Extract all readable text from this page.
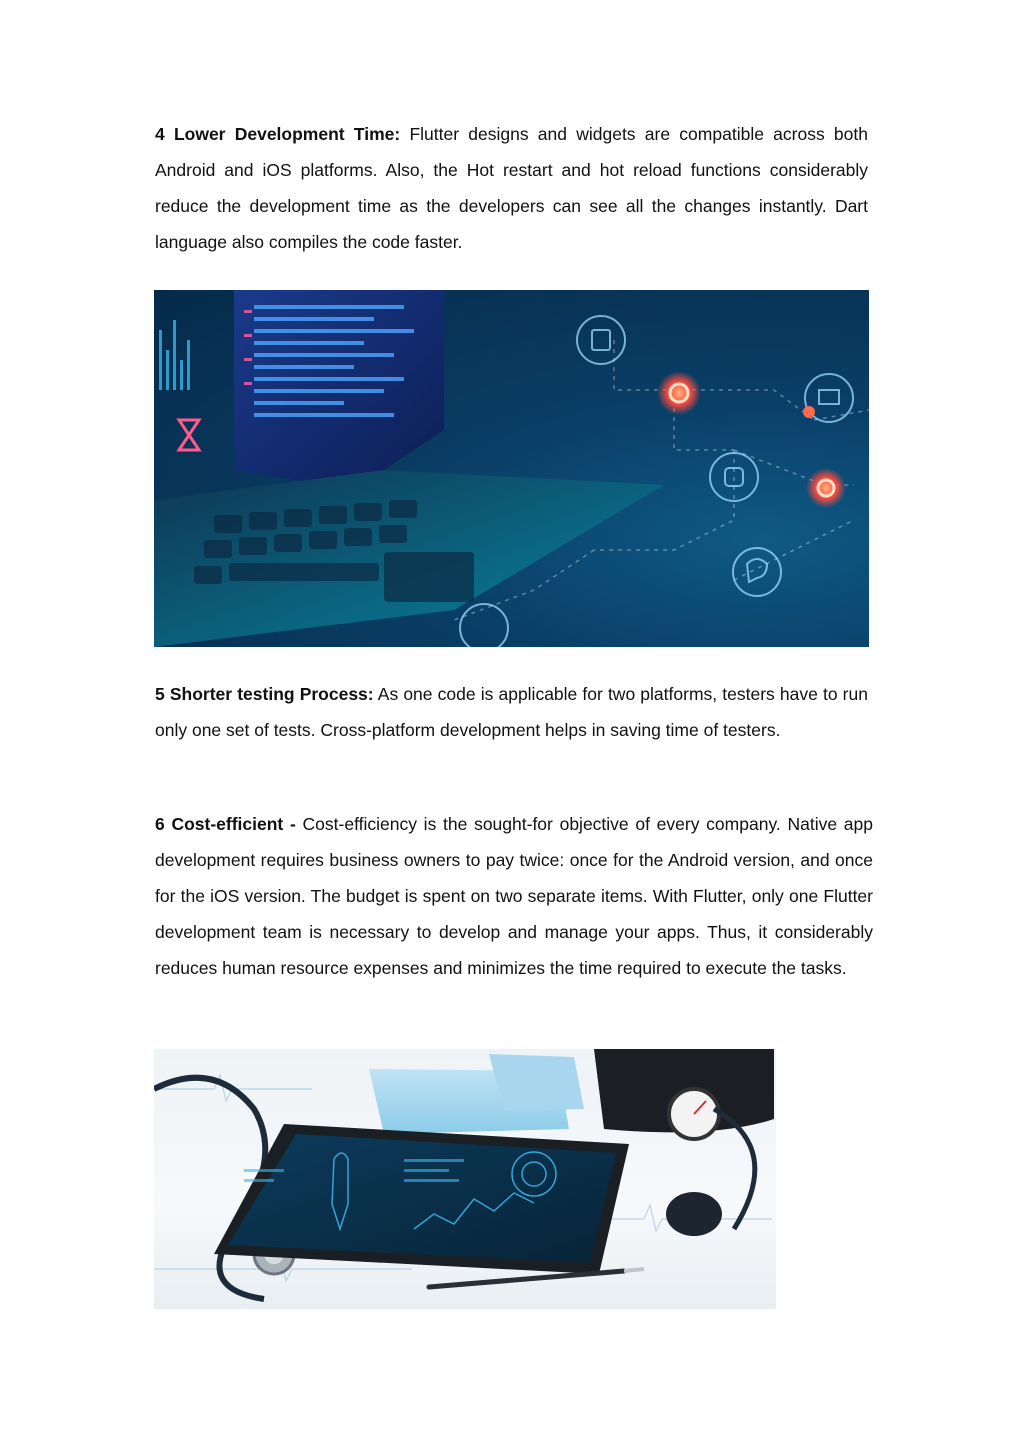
4 Lower Development Time: Flutter designs and widgets are compatible across both Android and iOS platforms. Also, the Hot restart and hot reload functions considerably reduce the development time as the developers can see all the changes instantly. Dart language also compiles the code faster.

5 Shorter testing Process: As one code is applicable for two platforms, testers have to run only one set of tests. Cross-platform development helps in saving time of testers.

6 Cost-efficient - Cost-efficiency is the sought-for objective of every company. Native app development requires business owners to pay twice: once for the Android version, and once for the iOS version. The budget is spent on two separate items. With Flutter, only one Flutter development team is necessary to develop and manage your apps. Thus, it considerably reduces human resource expenses and minimizes the time required to execute the tasks.
